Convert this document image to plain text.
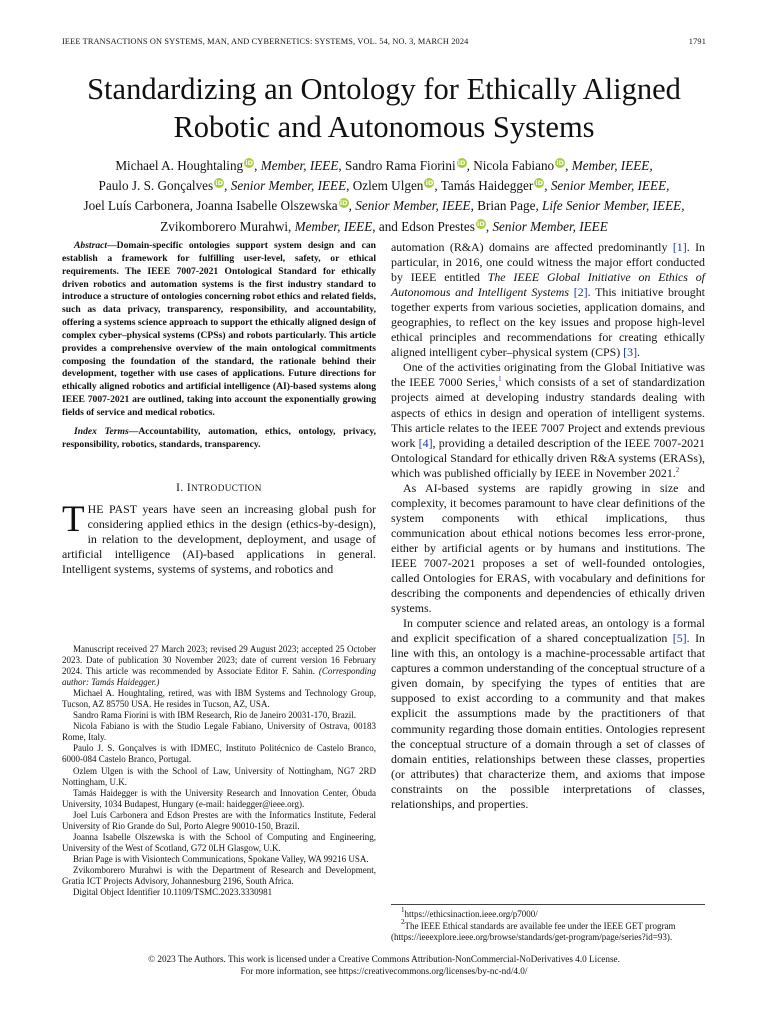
IEEE TRANSACTIONS ON SYSTEMS, MAN, AND CYBERNETICS: SYSTEMS, VOL. 54, NO. 3, MARCH 2024	1791
Standardizing an Ontology for Ethically Aligned
Robotic and Autonomous Systems
Michael A. Houghtaling iD, Member, IEEE, Sandro Rama Fiorini iD, Nicola Fabiano iD, Member, IEEE,
Paulo J. S. Gonçalves iD, Senior Member, IEEE, Ozlem Ulgen iD, Tamás Haidegger iD, Senior Member, IEEE,
Joel Luís Carbonera, Joanna Isabelle Olszewska iD, Senior Member, IEEE, Brian Page, Life Senior Member, IEEE,
Zvikomborero Murahwi, Member, IEEE, and Edson Prestes iD, Senior Member, IEEE

Abstract—Domain-specific ontologies support system design and can establish a framework for fulfilling user-level, safety, or ethical requirements. The IEEE 7007-2021 Ontological Standard for ethically driven robotics and automation systems is the first industry standard to introduce a structure of ontologies concerning robot ethics and related fields, such as data privacy, transparency, responsibility, and accountability, offering a systems science approach to support the ethically aligned design of complex cyber–physical systems (CPSs) and robots particularly. This article provides a comprehensive overview of the main ontological commitments composing the foundation of the standard, the rationale behind their development, together with use cases of applications. Future directions for ethically aligned robotics and artificial intelligence (AI)-based systems along IEEE 7007-2021 are outlined, taking into account the exponentially growing fields of service and medical robotics.

Index Terms—Accountability, automation, ethics, ontology, privacy, responsibility, robotics, standards, transparency.

I. INTRODUCTION

THE PAST years have seen an increasing global push for considering applied ethics in the design (ethics-by-design), in relation to the development, deployment, and usage of artificial intelligence (AI)-based applications in general. Intelligent systems, systems of systems, and robotics and

Manuscript received 27 March 2023; revised 29 August 2023; accepted 25 October 2023. Date of publication 30 November 2023; date of current version 16 February 2024. This article was recommended by Associate Editor F. Sahin. (Corresponding author: Tamás Haidegger.)

Michael A. Houghtaling, retired, was with IBM Systems and Technology Group, Tucson, AZ 85750 USA. He resides in Tucson, AZ, USA.

Sandro Rama Fiorini is with IBM Research, Rio de Janeiro 20031-170, Brazil.

Nicola Fabiano is with the Studio Legale Fabiano, University of Ostrava, 00183 Rome, Italy.

Paulo J. S. Gonçalves is with IDMEC, Instituto Politécnico de Castelo Branco, 6000-084 Castelo Branco, Portugal.

Ozlem Ulgen is with the School of Law, University of Nottingham, NG7 2RD Nottingham, U.K.

Tamás Haidegger is with the University Research and Innovation Center, Óbuda University, 1034 Budapest, Hungary (e-mail: haidegger@ieee.org).

Joel Luís Carbonera and Edson Prestes are with the Informatics Institute, Federal University of Rio Grande do Sul, Porto Alegre 90010-150, Brazil.

Joanna Isabelle Olszewska is with the School of Computing and Engineering, University of the West of Scotland, G72 0LH Glasgow, U.K.

Brian Page is with Visiontech Communications, Spokane Valley, WA 99216 USA.

Zvikomborero Murahwi is with the Department of Research and Development, Gratia ICT Projects Advisory, Johannesburg 2196, South Africa.

Digital Object Identifier 10.1109/TSMC.2023.3330981

automation (R&A) domains are affected predominantly [1]. In particular, in 2016, one could witness the major effort conducted by IEEE entitled The IEEE Global Initiative on Ethics of Autonomous and Intelligent Systems [2]. This initiative brought together experts from various societies, application domains, and geographies, to reflect on the key issues and propose high-level ethical principles and recommendations for creating ethically aligned intelligent cyber–physical system (CPS) [3].

One of the activities originating from the Global Initiative was the IEEE 7000 Series,$^1$ which consists of a set of standardization projects aimed at developing industry standards dealing with aspects of ethics in design and operation of intelligent systems. This article relates to the IEEE 7007 Project and extends previous work [4], providing a detailed description of the IEEE 7007-2021 Ontological Standard for ethically driven R&A systems (ERASs), which was published officially by IEEE in November 2021.$^2$

As AI-based systems are rapidly growing in size and complexity, it becomes paramount to have clear definitions of the system components with ethical implications, thus communication about ethical notions becomes less error-prone, either by artificial agents or by humans and institutions. The IEEE 7007-2021 proposes a set of well-founded ontologies, called Ontologies for ERAS, with vocabulary and definitions for describing the components and dependencies of ethically driven systems.

In computer science and related areas, an ontology is a formal and explicit specification of a shared conceptualization [5]. In line with this, an ontology is a machine-processable artifact that captures a common understanding of the conceptual structure of a given domain, by specifying the types of entities that are supposed to exist according to a community and that makes explicit the assumptions made by the practitioners of that community regarding those domain entities. Ontologies represent the conceptual structure of a domain through a set of classes of domain entities, relationships between these classes, properties (or attributes) that characterize them, and axioms that impose constraints on the possible interpretations of classes, relationships, and properties.

$^1$https://ethicsinaction.ieee.org/p7000/

$^2$The IEEE Ethical standards are available fee under the IEEE GET program (https://ieeexplore.ieee.org/browse/standards/get-program/page/series?id=93).

© 2023 The Authors. This work is licensed under a Creative Commons Attribution-NonCommercial-NoDerivatives 4.0 License.
For more information, see https://creativecommons.org/licenses/by-nc-nd/4.0/
